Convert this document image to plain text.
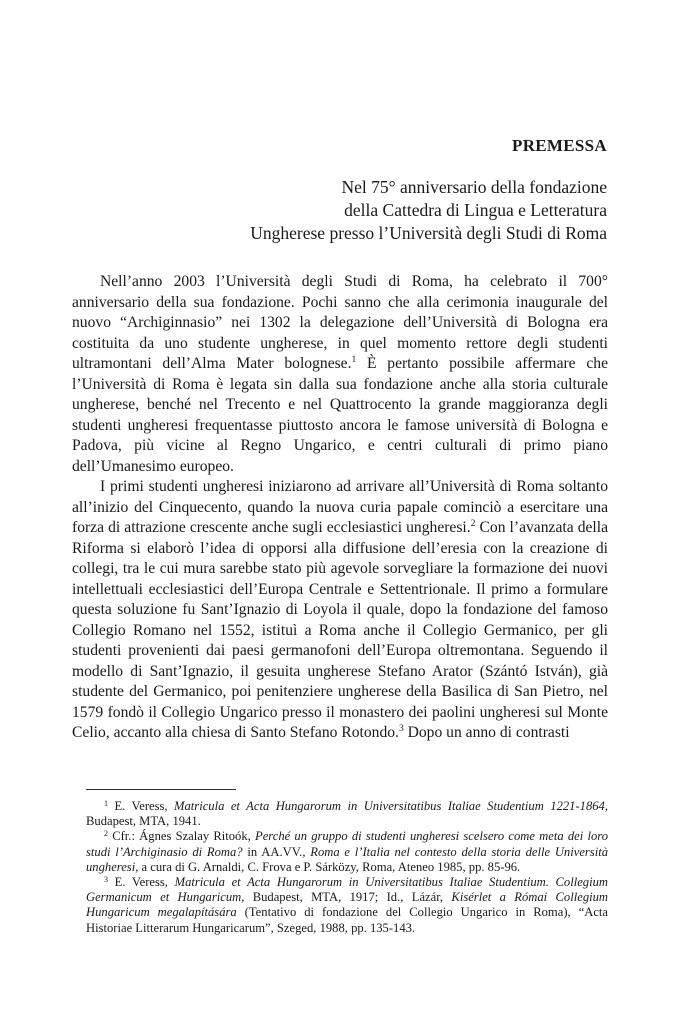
PREMESSA
Nel 75° anniversario della fondazione
della Cattedra di Lingua e Letteratura
Ungherese presso l’Università degli Studi di Roma

Nell’anno 2003 l’Università degli Studi di Roma, ha celebrato il 700° anniversario della sua fondazione. Pochi sanno che alla cerimonia inaugurale del nuovo “Archiginnasio” nei 1302 la delegazione dell’Università di Bologna era costituita da uno studente ungherese, in quel momento rettore degli studenti ultramontani dell’Alma Mater bolognese.$^1$ È pertanto possibile affermare che l’Università di Roma è legata sin dalla sua fondazione anche alla storia culturale ungherese, benché nel Trecento e nel Quattrocento la grande maggioranza degli studenti ungheresi frequentasse piuttosto ancora le famose università di Bologna e Padova, più vicine al Regno Ungarico, e centri culturali di primo piano dell’Umanesimo europeo.

I primi studenti ungheresi iniziarono ad arrivare all’Università di Roma soltanto all’inizio del Cinquecento, quando la nuova curia papale cominciò a esercitare una forza di attrazione crescente anche sugli ecclesiastici ungheresi.$^2$ Con l’avanzata della Riforma si elaborò l’idea di opporsi alla diffusione dell’eresia con la creazione di collegi, tra le cui mura sarebbe stato più agevole sorvegliare la formazione dei nuovi intellettuali ecclesiastici dell’Europa Centrale e Settentrionale. Il primo a formulare questa soluzione fu Sant’Ignazio di Loyola il quale, dopo la fondazione del famoso Collegio Romano nel 1552, istituì a Roma anche il Collegio Germanico, per gli studenti provenienti dai paesi germanofoni dell’Europa oltremontana. Seguendo il modello di Sant’Ignazio, il gesuita ungherese Stefano Arator (Szántó István), già studente del Germanico, poi penitenziere ungherese della Basilica di San Pietro, nel 1579 fondò il Collegio Ungarico presso il monastero dei paolini ungheresi sul Monte Celio, accanto alla chiesa di Santo Stefano Rotondo.$^3$ Dopo un anno di contrasti

$^1$ E. Veress, Matricula et Acta Hungarorum in Universitatibus Italiae Studentium 1221-1864, Budapest, MTA, 1941.

$^2$ Cfr.: Ágnes Szalay Ritoók, Perché un gruppo di studenti ungheresi scelsero come meta dei loro studi l’Archiginasio di Roma? in AA.VV., Roma e l’Italia nel contesto della storia delle Università ungheresi, a cura di G. Arnaldi, C. Frova e P. Sárközy, Roma, Ateneo 1985, pp. 85-96.

$^3$ E. Veress, Matricula et Acta Hungarorum in Universitatibus Italiae Studentium. Collegium Germanicum et Hungaricum, Budapest, MTA, 1917; Id., Lázár, Kisérlet a Római Collegium Hungaricum megalapítására (Tentativo di fondazione del Collegio Ungarico in Roma), “Acta Historiae Litterarum Hungaricarum”, Szeged, 1988, pp. 135-143.
